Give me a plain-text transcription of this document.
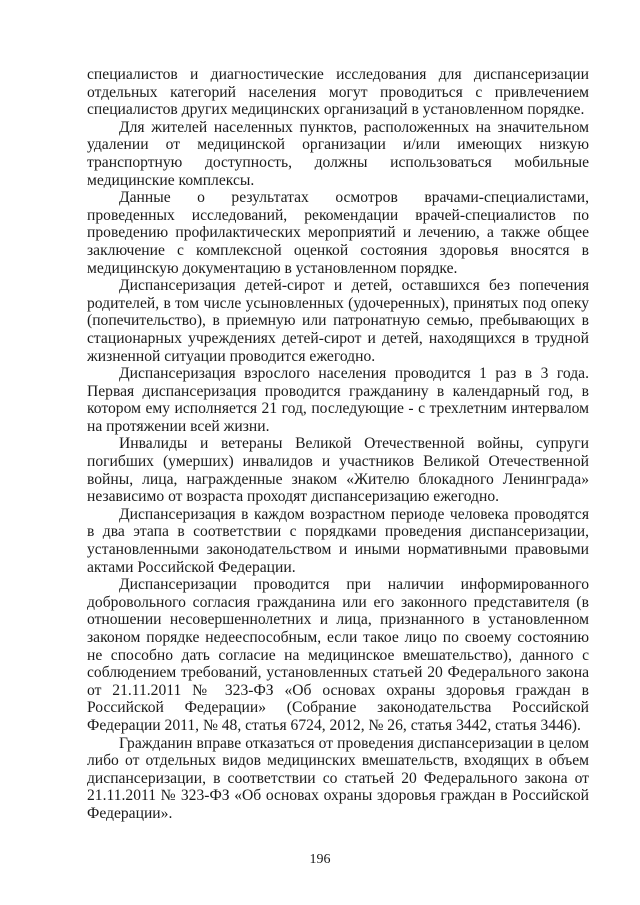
специалистов и диагностические исследования для диспансеризации отдельных категорий населения могут проводиться с привлечением специалистов других медицинских организаций в установленном порядке.

Для жителей населенных пунктов, расположенных на значительном удалении от медицинской организации и/или имеющих низкую транспортную доступность, должны использоваться мобильные медицинские комплексы.

Данные о результатах осмотров врачами-специалистами, проведенных исследований, рекомендации врачей-специалистов по проведению профилактических мероприятий и лечению, а также общее заключение с комплексной оценкой состояния здоровья вносятся в медицинскую документацию в установленном порядке.

Диспансеризация детей-сирот и детей, оставшихся без попечения родителей, в том числе усыновленных (удочеренных), принятых под опеку (попечительство), в приемную или патронатную семью, пребывающих в стационарных учреждениях детей-сирот и детей, находящихся в трудной жизненной ситуации проводится ежегодно.

Диспансеризация взрослого населения проводится 1 раз в 3 года. Первая диспансеризация проводится гражданину в календарный год, в котором ему исполняется 21 год, последующие - с трехлетним интервалом на протяжении всей жизни.

Инвалиды и ветераны Великой Отечественной войны, супруги погибших (умерших) инвалидов и участников Великой Отечественной войны, лица, награжденные знаком «Жителю блокадного Ленинграда» независимо от возраста проходят диспансеризацию ежегодно.

Диспансеризация в каждом возрастном периоде человека проводятся в два этапа в соответствии с порядками проведения диспансеризации, установленными законодательством и иными нормативными правовыми актами Российской Федерации.

Диспансеризации проводится при наличии информированного добровольного согласия гражданина или его законного представителя (в отношении несовершеннолетних и лица, признанного в установленном законом порядке недееспособным, если такое лицо по своему состоянию не способно дать согласие на медицинское вмешательство), данного с соблюдением требований, установленных статьей 20 Федерального закона от 21.11.2011 № 323-ФЗ «Об основах охраны здоровья граждан в Российской Федерации» (Собрание законодательства Российской Федерации 2011, № 48, статья 6724, 2012, № 26, статья 3442, статья 3446).

Гражданин вправе отказаться от проведения диспансеризации в целом либо от отдельных видов медицинских вмешательств, входящих в объем диспансеризации, в соответствии со статьей 20 Федерального закона от 21.11.2011 № 323-ФЗ «Об основах охраны здоровья граждан в Российской Федерации».

196
